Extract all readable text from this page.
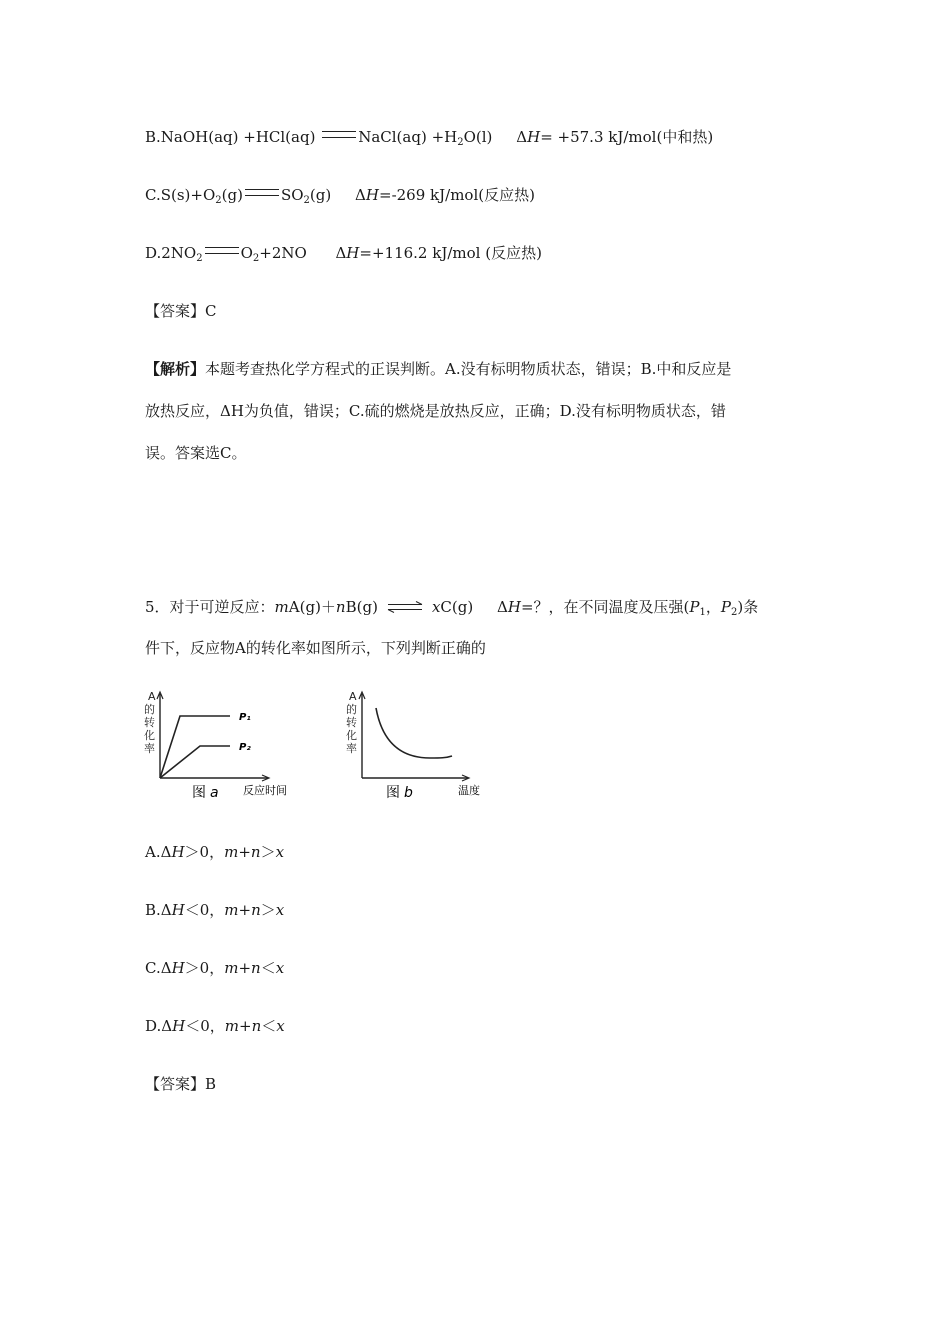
B.NaOH(aq) +HCl(aq)	NaCl(aq) $+H_2O(l)$     ΔH= +57.3 kJ/mol(中和热)
$C.S(s)+O_2(g)$	$SO_2(g)$     ΔH=-269 kJ/mol(反应热)
$D.2NO_2$	$O_2+2NO$      ΔH=+116.2 kJ/mol (反应热)
【答案】C
【解析】本题考查热化学方程式的正误判断。A.没有标明物质状态，错误；B.中和反应是
放热反应，ΔH为负值，错误；C.硫的燃烧是放热反应，正确；D.没有标明物质状态，错
误。答案选C。
5．对于可逆反应：mA(g)＋nB(g) ⇌ xC(g)     ΔH=？，在不同温度及压强($P_1$，$P_2$)条
件下，反应物A的转化率如图所示，下列判断正确的
A
的
转
化
率
P₁
P₂
图 a 反应时间
A
的
转
化
率
图 b	温度
A.ΔH＞0，m+n＞x
B.ΔH＜0，m+n＞x
C.ΔH＞0，m+n＜x
D.ΔH＜0，m+n＜x
【答案】B
